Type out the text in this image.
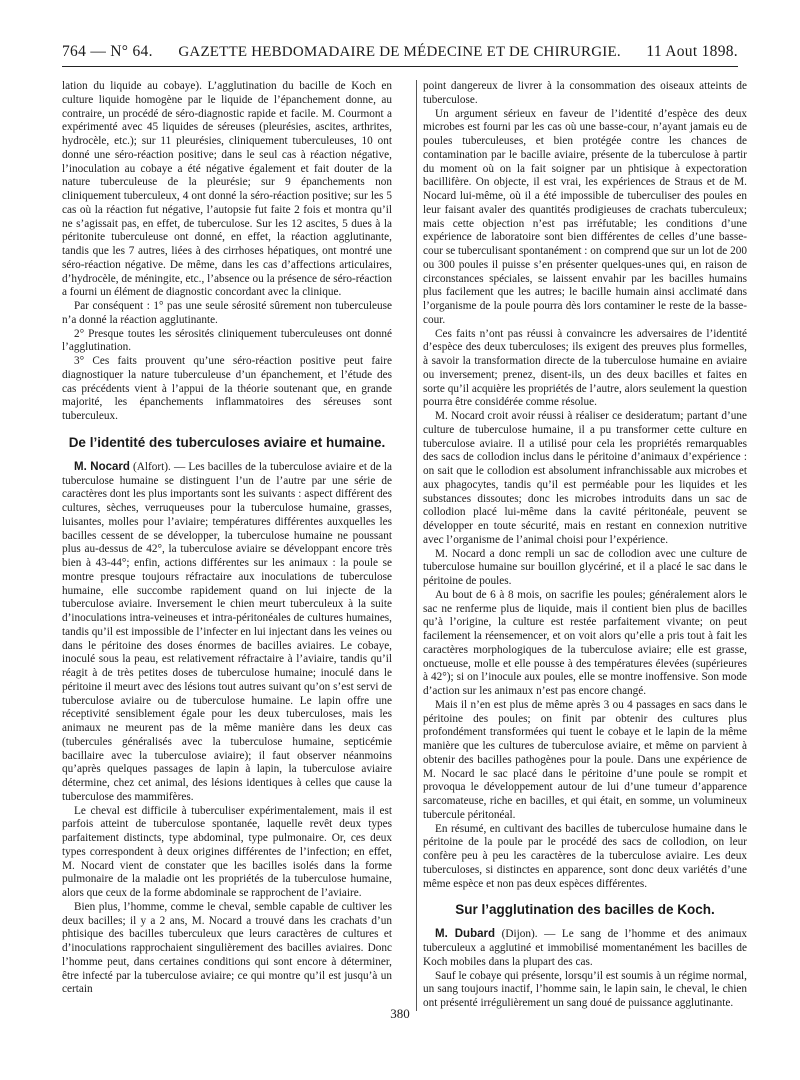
764 — N° 64. GAZETTE HEBDOMADAIRE DE MÉDECINE ET DE CHIRURGIE. 11 Aout 1898.

lation du liquide au cobaye). L’agglutination du bacille de Koch en culture liquide homogène par le liquide de l’épanchement donne, au contraire, un procédé de séro-diagnostic rapide et facile. M. Courmont a expérimenté avec 45 liquides de séreuses (pleurésies, ascites, arthrites, hydrocèle, etc.); sur 11 pleurésies, cliniquement tuberculeuses, 10 ont donné une séro-réaction positive; dans le seul cas à réaction négative, l’inoculation au cobaye a été négative également et fait douter de la nature tuberculeuse de la pleurésie; sur 9 épanchements non cliniquement tuberculeux, 4 ont donné la séro-réaction positive; sur les 5 cas où la réaction fut négative, l’autopsie fut faite 2 fois et montra qu’il ne s’agissait pas, en effet, de tuberculose. Sur les 12 ascites, 5 dues à la péritonite tuberculeuse ont donné, en effet, la réaction agglutinante, tandis que les 7 autres, liées à des cirrhoses hépatiques, ont montré une séro-réaction négative. De même, dans les cas d’affections articulaires, d’hydrocèle, de méningite, etc., l’absence ou la présence de séro-réaction a fourni un élément de diagnostic concordant avec la clinique.

Par conséquent : 1° pas une seule sérosité sûrement non tuberculeuse n’a donné la réaction agglutinante.

2° Presque toutes les sérosités cliniquement tuberculeuses ont donné l’agglutination.

3° Ces faits prouvent qu’une séro-réaction positive peut faire diagnostiquer la nature tuberculeuse d’un épanchement, et l’étude des cas précédents vient à l’appui de la théorie soutenant que, en grande majorité, les épanchements inflammatoires des séreuses sont tuberculeux.

De l’identité des tuberculoses aviaire et humaine.

M. Nocard (Alfort). — Les bacilles de la tuberculose aviaire et de la tuberculose humaine se distinguent l’un de l’autre par une série de caractères dont les plus importants sont les suivants : aspect différent des cultures, sèches, verruqueuses pour la tuberculose humaine, grasses, luisantes, molles pour l’aviaire; températures différentes auxquelles les bacilles cessent de se développer, la tuberculose humaine ne poussant plus au-dessus de 42°, la tuberculose aviaire se développant encore très bien à 43-44°; enfin, actions différentes sur les animaux : la poule se montre presque toujours réfractaire aux inoculations de tuberculose humaine, elle succombe rapidement quand on lui injecte de la tuberculose aviaire. Inversement le chien meurt tuberculeux à la suite d’inoculations intra-veineuses et intra-péritonéales de cultures humaines, tandis qu’il est impossible de l’infecter en lui injectant dans les veines ou dans le péritoine des doses énormes de bacilles aviaires. Le cobaye, inoculé sous la peau, est relativement réfractaire à l’aviaire, tandis qu’il réagit à de très petites doses de tuberculose humaine; inoculé dans le péritoine il meurt avec des lésions tout autres suivant qu’on s’est servi de tuberculose aviaire ou de tuberculose humaine. Le lapin offre une réceptivité sensiblement égale pour les deux tuberculoses, mais les animaux ne meurent pas de la même manière dans les deux cas (tubercules généralisés avec la tuberculose humaine, septicémie bacillaire avec la tuberculose aviaire); il faut observer néanmoins qu’après quelques passages de lapin à lapin, la tuberculose aviaire détermine, chez cet animal, des lésions identiques à celles que cause la tuberculose des mammifères.

Le cheval est difficile à tuberculiser expérimentalement, mais il est parfois atteint de tuberculose spontanée, laquelle revêt deux types parfaitement distincts, type abdominal, type pulmonaire. Or, ces deux types correspondent à deux origines différentes de l’infection; en effet, M. Nocard vient de constater que les bacilles isolés dans la forme pulmonaire de la maladie ont les propriétés de la tuberculose humaine, alors que ceux de la forme abdominale se rapprochent de l’aviaire.

Bien plus, l’homme, comme le cheval, semble capable de cultiver les deux bacilles; il y a 2 ans, M. Nocard a trouvé dans les crachats d’un phtisique des bacilles tuberculeux que leurs caractères de cultures et d’inoculations rapprochaient singulièrement des bacilles aviaires. Donc l’homme peut, dans certaines conditions qui sont encore à déterminer, être infecté par la tuberculose aviaire; ce qui montre qu’il est jusqu’à un certain

point dangereux de livrer à la consommation des oiseaux atteints de tuberculose.

Un argument sérieux en faveur de l’identité d’espèce des deux microbes est fourni par les cas où une basse-cour, n’ayant jamais eu de poules tuberculeuses, et bien protégée contre les chances de contamination par le bacille aviaire, présente de la tuberculose à partir du moment où on la fait soigner par un phtisique à expectoration bacillifère. On objecte, il est vrai, les expériences de Straus et de M. Nocard lui-même, où il a été impossible de tuberculiser des poules en leur faisant avaler des quantités prodigieuses de crachats tuberculeux; mais cette objection n’est pas irréfutable; les conditions d’une expérience de laboratoire sont bien différentes de celles d’une basse-cour se tuberculisant spontanément : on comprend que sur un lot de 200 ou 300 poules il puisse s’en présenter quelques-unes qui, en raison de circonstances spéciales, se laissent envahir par les bacilles humains plus facilement que les autres; le bacille humain ainsi acclimaté dans l’organisme de la poule pourra dès lors contaminer le reste de la basse-cour.

Ces faits n’ont pas réussi à convaincre les adversaires de l’identité d’espèce des deux tuberculoses; ils exigent des preuves plus formelles, à savoir la transformation directe de la tuberculose humaine en aviaire ou inversement; prenez, disent-ils, un des deux bacilles et faites en sorte qu’il acquière les propriétés de l’autre, alors seulement la question pourra être considérée comme résolue.

M. Nocard croit avoir réussi à réaliser ce desideratum; partant d’une culture de tuberculose humaine, il a pu transformer cette culture en tuberculose aviaire. Il a utilisé pour cela les propriétés remarquables des sacs de collodion inclus dans le péritoine d’animaux d’expérience : on sait que le collodion est absolument infranchissable aux microbes et aux phagocytes, tandis qu’il est perméable pour les liquides et les substances dissoutes; donc les microbes introduits dans un sac de collodion placé lui-même dans la cavité péritonéale, peuvent se développer en toute sécurité, mais en restant en connexion nutritive avec l’organisme de l’animal choisi pour l’expérience.

M. Nocard a donc rempli un sac de collodion avec une culture de tuberculose humaine sur bouillon glycériné, et il a placé le sac dans le péritoine de poules.

Au bout de 6 à 8 mois, on sacrifie les poules; généralement alors le sac ne renferme plus de liquide, mais il contient bien plus de bacilles qu’à l’origine, la culture est restée parfaitement vivante; on peut facilement la réensemencer, et on voit alors qu’elle a pris tout à fait les caractères morphologiques de la tuberculose aviaire; elle est grasse, onctueuse, molle et elle pousse à des températures élevées (supérieures à 42°); si on l’inocule aux poules, elle se montre inoffensive. Son mode d’action sur les animaux n’est pas encore changé.

Mais il n’en est plus de même après 3 ou 4 passages en sacs dans le péritoine des poules; on finit par obtenir des cultures plus profondément transformées qui tuent le cobaye et le lapin de la même manière que les cultures de tuberculose aviaire, et même on parvient à obtenir des bacilles pathogènes pour la poule. Dans une expérience de M. Nocard le sac placé dans le péritoine d’une poule se rompit et provoqua le développement autour de lui d’une tumeur d’apparence sarcomateuse, riche en bacilles, et qui était, en somme, un volumineux tubercule péritonéal.

En résumé, en cultivant des bacilles de tuberculose humaine dans le péritoine de la poule par le procédé des sacs de collodion, on leur confère peu à peu les caractères de la tuberculose aviaire. Les deux tuberculoses, si distinctes en apparence, sont donc deux variétés d’une même espèce et non pas deux espèces différentes.

Sur l’agglutination des bacilles de Koch.

M. Dubard (Dijon). — Le sang de l’homme et des animaux tuberculeux a agglutiné et immobilisé momentanément les bacilles de Koch mobiles dans la plupart des cas.

Sauf le cobaye qui présente, lorsqu’il est soumis à un régime normal, un sang toujours inactif, l’homme sain, le lapin sain, le cheval, le chien ont présenté irrégulièrement un sang doué de puissance agglutinante.

380
